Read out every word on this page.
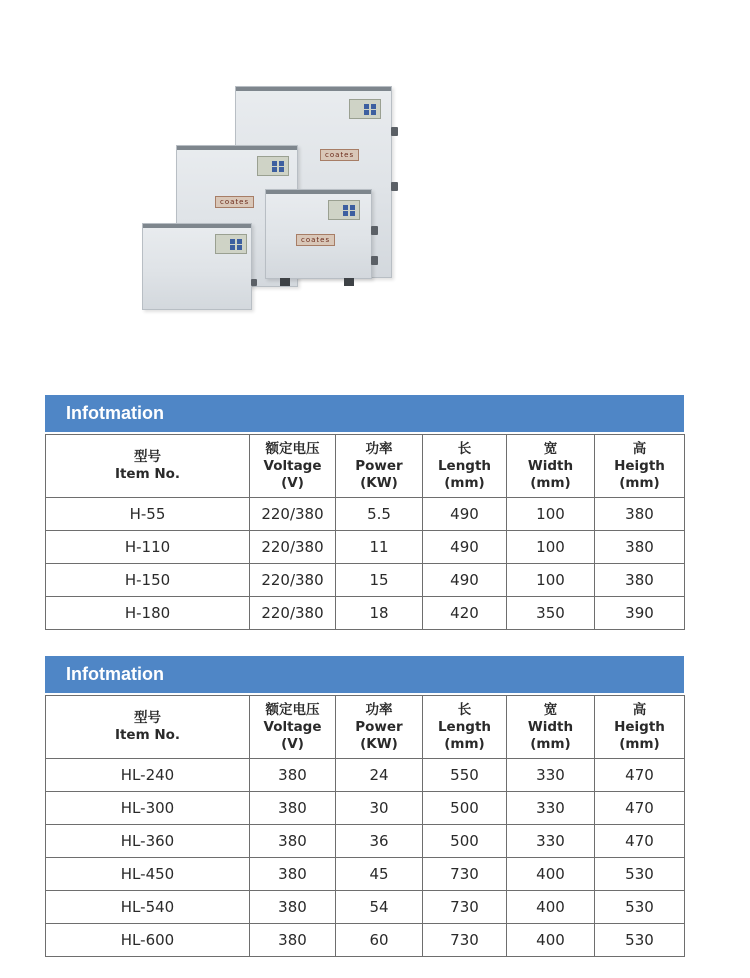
coates
coates
coates
Infotmation
型号
Item No.	额定电压
Voltage
(V)	功率
Power
(KW)	长
Length
(mm)	宽
Width
(mm)	高
Heigth
(mm)

H-55	220/380	5.5	490	100	380
H-110	220/380	11	490	100	380
H-150	220/380	15	490	100	380
H-180	220/380	18	420	350	390
Infotmation
型号
Item No.	额定电压
Voltage
(V)	功率
Power
(KW)	长
Length
(mm)	宽
Width
(mm)	高
Heigth
(mm)

HL-240	380	24	550	330	470
HL-300	380	30	500	330	470
HL-360	380	36	500	330	470
HL-450	380	45	730	400	530
HL-540	380	54	730	400	530
HL-600	380	60	730	400	530
